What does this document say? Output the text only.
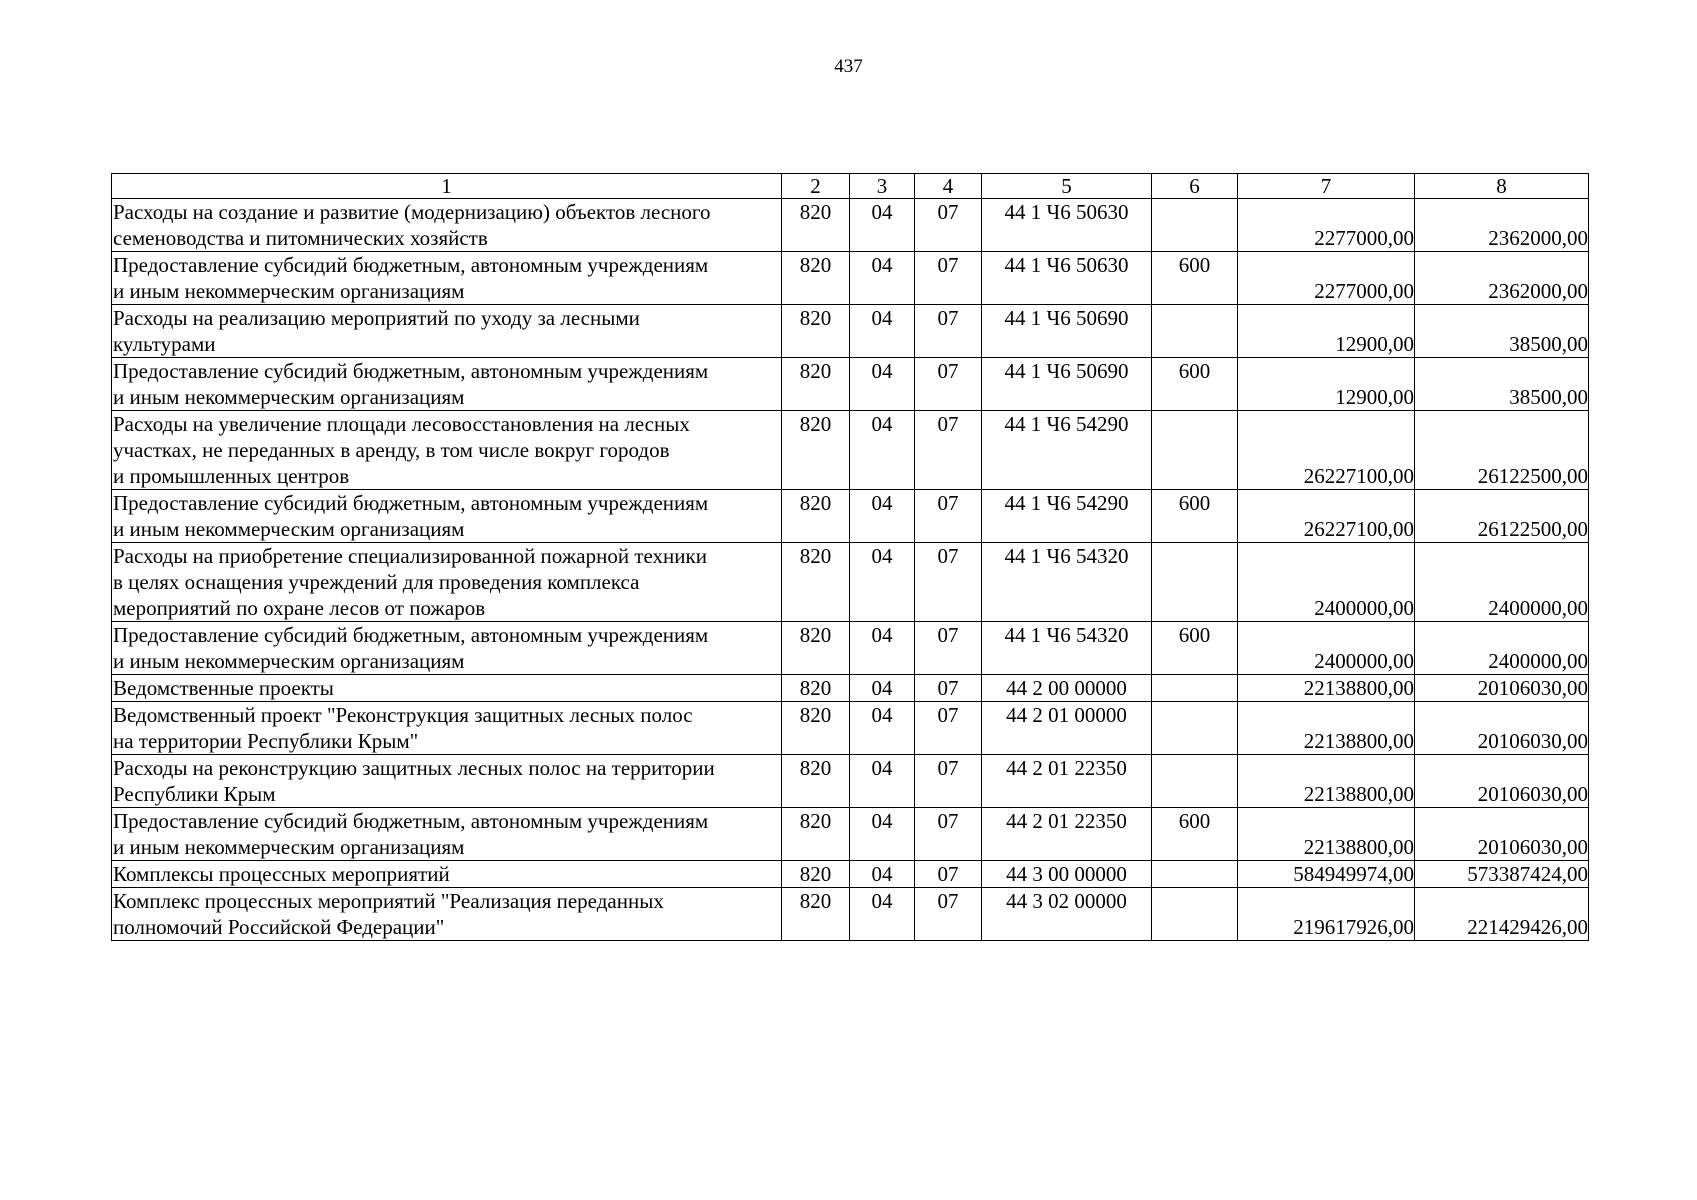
437
1	2	3	4	5	6	7	8

Расходы на создание и развитие (модернизацию) объектов лесного
семеноводства и питомнических хозяйств	820	04	07	44 1 Ч6 50630		2277000,00	2362000,00

Предоставление субсидий бюджетным, автономным учреждениям
и иным некоммерческим организациям	820	04	07	44 1 Ч6 50630	600	2277000,00	2362000,00

Расходы на реализацию мероприятий по уходу за лесными
культурами	820	04	07	44 1 Ч6 50690		12900,00	38500,00

Предоставление субсидий бюджетным, автономным учреждениям
и иным некоммерческим организациям	820	04	07	44 1 Ч6 50690	600	12900,00	38500,00

Расходы на увеличение площади лесовосстановления на лесных
участках, не переданных в аренду, в том числе вокруг городов
и промышленных центров	820	04	07	44 1 Ч6 54290		26227100,00	26122500,00

Предоставление субсидий бюджетным, автономным учреждениям
и иным некоммерческим организациям	820	04	07	44 1 Ч6 54290	600	26227100,00	26122500,00

Расходы на приобретение специализированной пожарной техники
в целях оснащения учреждений для проведения комплекса
мероприятий по охране лесов от пожаров	820	04	07	44 1 Ч6 54320		2400000,00	2400000,00

Предоставление субсидий бюджетным, автономным учреждениям
и иным некоммерческим организациям	820	04	07	44 1 Ч6 54320	600	2400000,00	2400000,00

Ведомственные проекты	820	04	07	44 2 00 00000		22138800,00	20106030,00

Ведомственный проект "Реконструкция защитных лесных полос
на территории Республики Крым"	820	04	07	44 2 01 00000		22138800,00	20106030,00

Расходы на реконструкцию защитных лесных полос на территории
Республики Крым	820	04	07	44 2 01 22350		22138800,00	20106030,00

Предоставление субсидий бюджетным, автономным учреждениям
и иным некоммерческим организациям	820	04	07	44 2 01 22350	600	22138800,00	20106030,00

Комплексы процессных мероприятий	820	04	07	44 3 00 00000		584949974,00	573387424,00

Комплекс процессных мероприятий "Реализация переданных
полномочий Российской Федерации"	820	04	07	44 3 02 00000		219617926,00	221429426,00
